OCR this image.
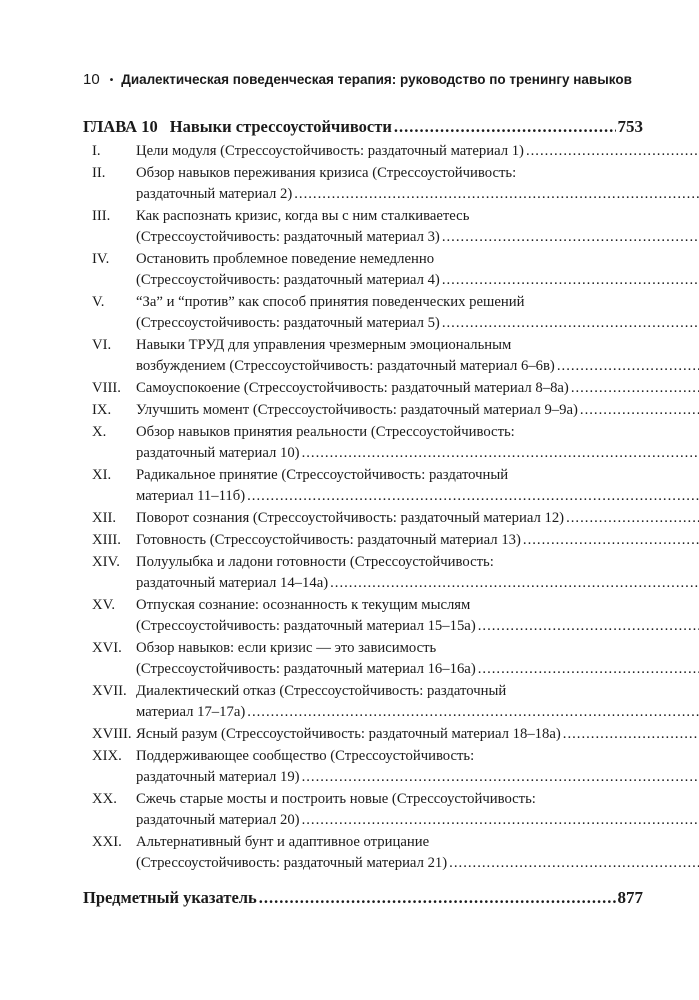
10 • Диалектическая поведенческая терапия: руководство по тренингу навыков
ГЛАВА 10 Навыки стрессоустойчивости .....	753
I.	Цели модуля (Стрессоустойчивость: раздаточный материал 1)
.....
II.	Обзор навыков переживания кризиса (Стрессоустойчивость:
раздаточный материал 2)
.....
III.	Как распознать кризис, когда вы с ним сталкиваетесь
(Стрессоустойчивость: раздаточный материал 3)
.....
IV.	Остановить проблемное поведение немедленно
(Стрессоустойчивость: раздаточный материал 4)
.....
V.	“За” и “против” как способ принятия поведенческих решений
(Стрессоустойчивость: раздаточный материал 5)
.....
VI.	Навыки ТРУД для управления чрезмерным эмоциональным
возбуждением (Стрессоустойчивость: раздаточный материал 6–6в)
.....
VIII.	Самоуспокоение (Стрессоустойчивость: раздаточный материал 8–8а)
.....
IX.	Улучшить момент (Стрессоустойчивость: раздаточный материал 9–9а)
.....
X.	Обзор навыков принятия реальности (Стрессоустойчивость:
раздаточный материал 10)
.....
XI.	Радикальное принятие (Стрессоустойчивость: раздаточный
материал 11–11б)
.....
XII.	Поворот сознания (Стрессоустойчивость: раздаточный материал 12)
.....
XIII.	Готовность (Стрессоустойчивость: раздаточный материал 13)
.....
XIV.	Полуулыбка и ладони готовности (Стрессоустойчивость:
раздаточный материал 14–14а)
.....
XV.	Отпуская сознание: осознанность к текущим мыслям
(Стрессоустойчивость: раздаточный материал 15–15а)
.....
XVI. Обзор навыков: если кризис — это зависимость
(Стрессоустойчивость: раздаточный материал 16–16а)
.....
XVII. Диалектический отказ (Стрессоустойчивость: раздаточный
материал 17–17а)
.....
XVIII. Ясный разум (Стрессоустойчивость: раздаточный материал 18–18а)
.....
XIX. Поддерживающее сообщество (Стрессоустойчивость:
раздаточный материал 19)
.....
XX.	Сжечь старые мосты и построить новые (Стрессоустойчивость:
раздаточный материал 20)
.....
XXI. Альтернативный бунт и адаптивное отрицание
(Стрессоустойчивость: раздаточный материал 21)
.....
Предметный указатель .....	877
